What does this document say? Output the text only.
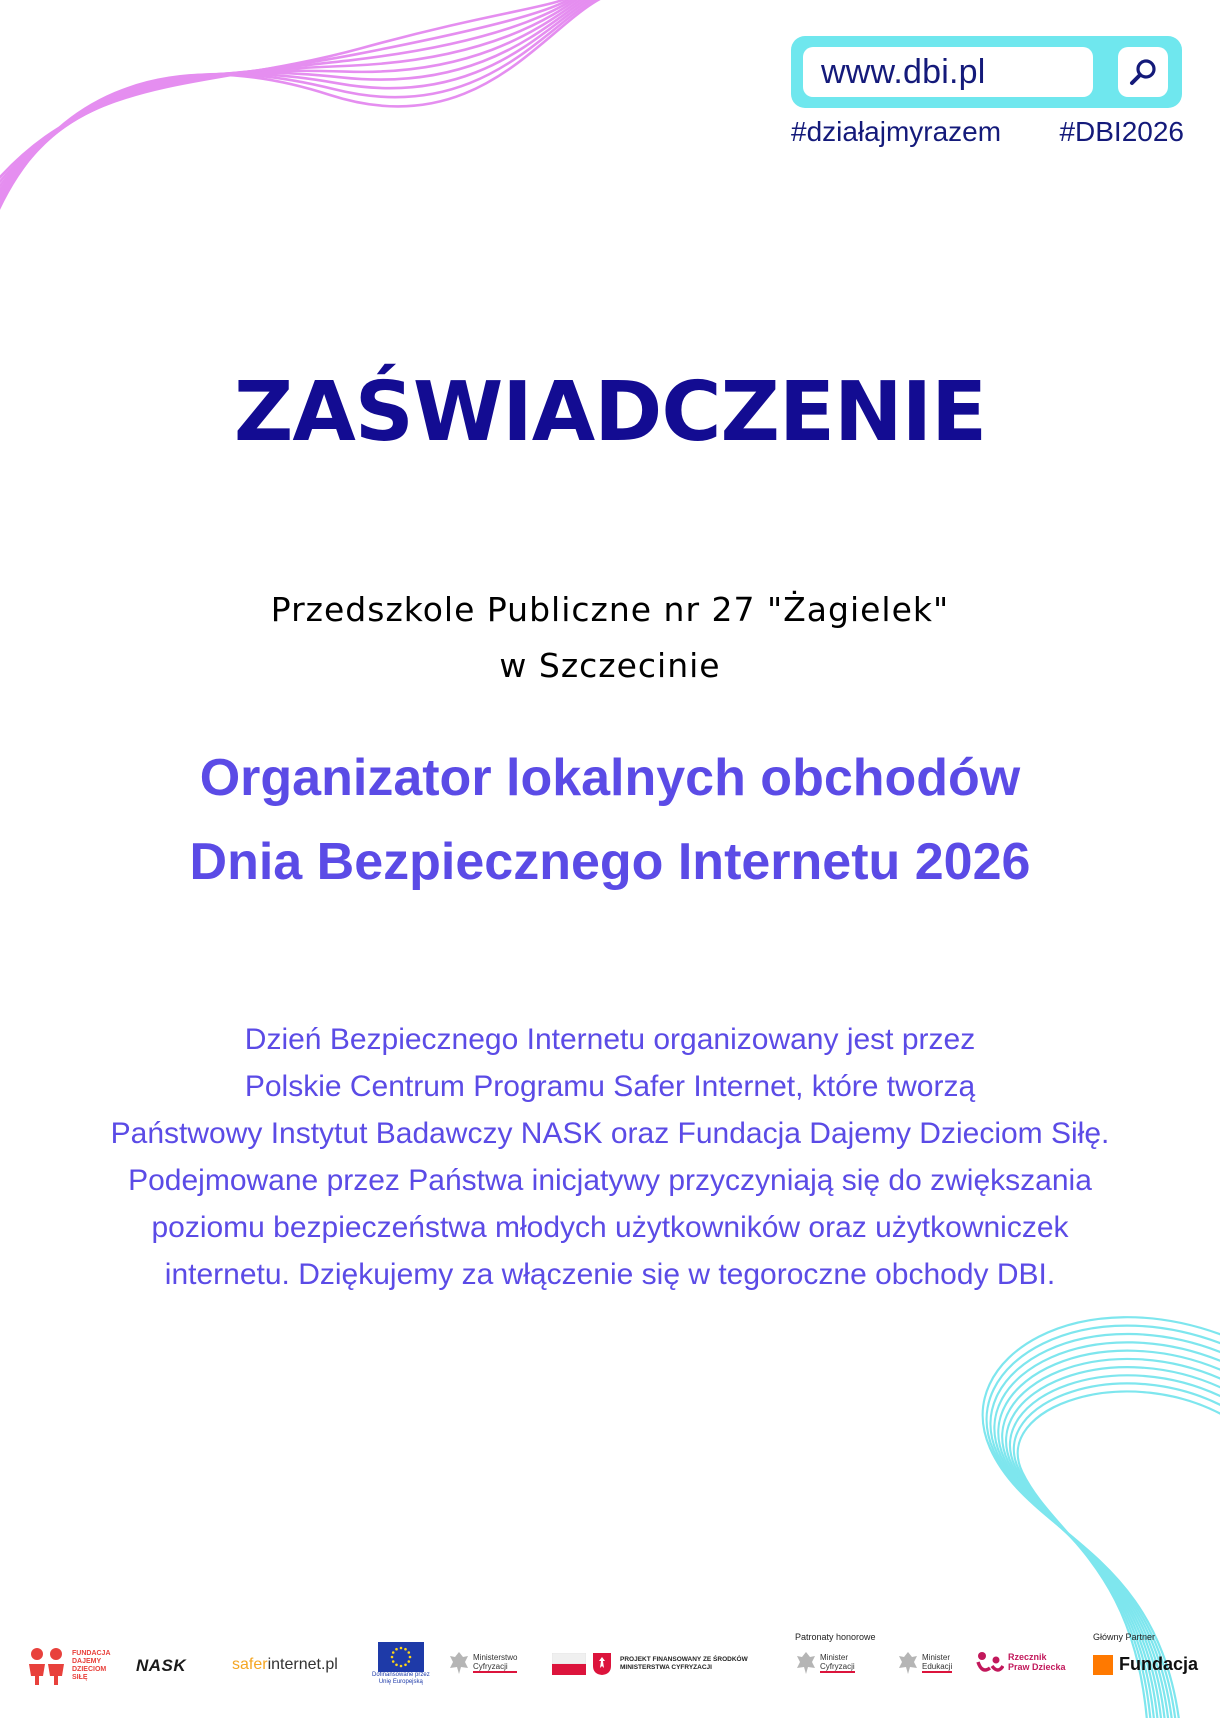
www.dbi.pl
#działajmyrazem #DBI2026
ZAŚWIADCZENIE
Przedszkole Publiczne nr 27 "Żagielek"
w Szczecinie
Organizator lokalnych obchodów
Dnia Bezpiecznego Internetu 2026
Dzień Bezpiecznego Internetu organizowany jest przez
Polskie Centrum Programu Safer Internet, które tworzą
Państwowy Instytut Badawczy NASK oraz Fundacja Dajemy Dzieciom Siłę.
Podejmowane przez Państwa inicjatywy przyczyniają się do zwiększania
poziomu bezpieczeństwa młodych użytkowników oraz użytkowniczek
internetu. Dziękujemy za włączenie się w tegoroczne obchody DBI.
Patronaty honorowe	Główny Partner
FUNDACJA
DAJEMY
DZIECIOM
SIŁĘ
NASK	safer internet.pl
Dofinansowane przez
Unię Europejską
Ministerstwo
Cyfryzacji
PROJEKT FINANSOWANY ZE ŚRODKÓW
MINISTERSTWA CYFRYZACJI
Minister
Cyfryzacji
Minister
Edukacji
Rzecznik
Praw Dziecka	Fundacja
